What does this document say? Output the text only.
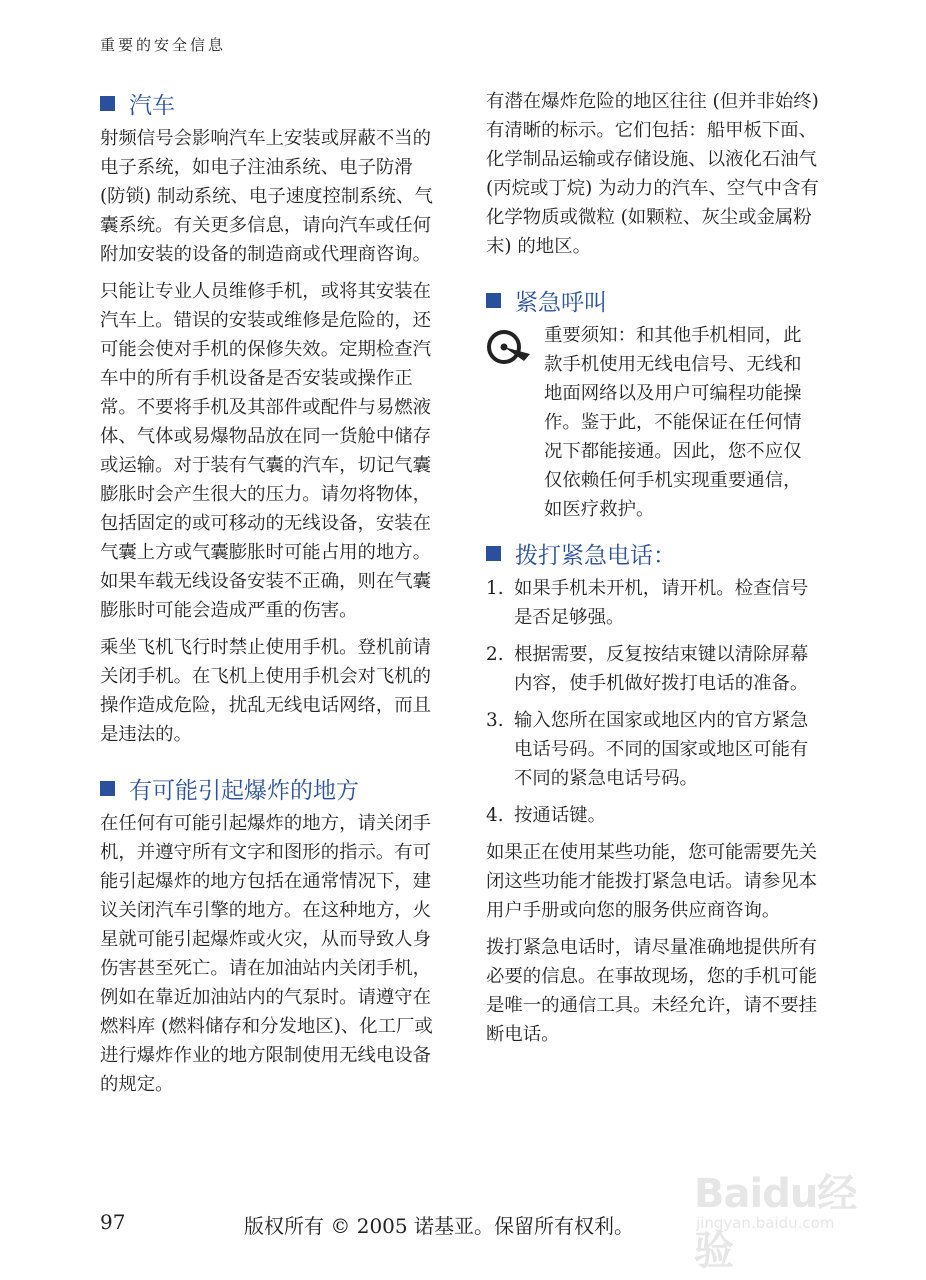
重要的安全信息
汽车

射频信号会影响汽车上安装或屏蔽不当的电子系统，如电子注油系统、电子防滑 (防锁) 制动系统、电子速度控制系统、气囊系统。有关更多信息，请向汽车或任何附加安装的设备的制造商或代理商咨询。

只能让专业人员维修手机，或将其安装在汽车上。错误的安装或维修是危险的，还可能会使对手机的保修失效。定期检查汽车中的所有手机设备是否安装或操作正常。不要将手机及其部件或配件与易燃液体、气体或易爆物品放在同一货舱中储存或运输。对于装有气囊的汽车，切记气囊膨胀时会产生很大的压力。请勿将物体，包括固定的或可移动的无线设备，安装在气囊上方或气囊膨胀时可能占用的地方。如果车载无线设备安装不正确，则在气囊膨胀时可能会造成严重的伤害。

乘坐飞机飞行时禁止使用手机。登机前请关闭手机。在飞机上使用手机会对飞机的操作造成危险，扰乱无线电话网络，而且是违法的。

有可能引起爆炸的地方

在任何有可能引起爆炸的地方，请关闭手机，并遵守所有文字和图形的指示。有可能引起爆炸的地方包括在通常情况下，建议关闭汽车引擎的地方。在这种地方，火星就可能引起爆炸或火灾，从而导致人身伤害甚至死亡。请在加油站内关闭手机，例如在靠近加油站内的气泵时。请遵守在燃料库 (燃料储存和分发地区)、化工厂或进行爆炸作业的地方限制使用无线电设备的规定。

有潜在爆炸危险的地区往往 (但并非始终) 有清晰的标示。它们包括：船甲板下面、化学制品运输或存储设施、以液化石油气 (丙烷或丁烷) 为动力的汽车、空气中含有化学物质或微粒 (如颗粒、灰尘或金属粉末) 的地区。

紧急呼叫
重要须知：和其他手机相同，此款手机使用无线电信号、无线和地面网络以及用户可编程功能操作。鉴于此，不能保证在任何情况下都能接通。因此，您不应仅仅依赖任何手机实现重要通信，如医疗救护。
拨打紧急电话：
1. 如果手机未开机，请开机。检查信号是否足够强。
2. 根据需要，反复按结束键以清除屏幕内容，使手机做好拨打电话的准备。
3. 输入您所在国家或地区内的官方紧急电话号码。不同的国家或地区可能有不同的紧急电话号码。
4. 按通话键。

如果正在使用某些功能，您可能需要先关闭这些功能才能拨打紧急电话。请参见本用户手册或向您的服务供应商咨询。

拨打紧急电话时，请尽量准确地提供所有必要的信息。在事故现场，您的手机可能是唯一的通信工具。未经允许，请不要挂断电话。

Baidu经验
jingyan.baidu.com
97	版权所有 © 2005 诺基亚。保留所有权利。
